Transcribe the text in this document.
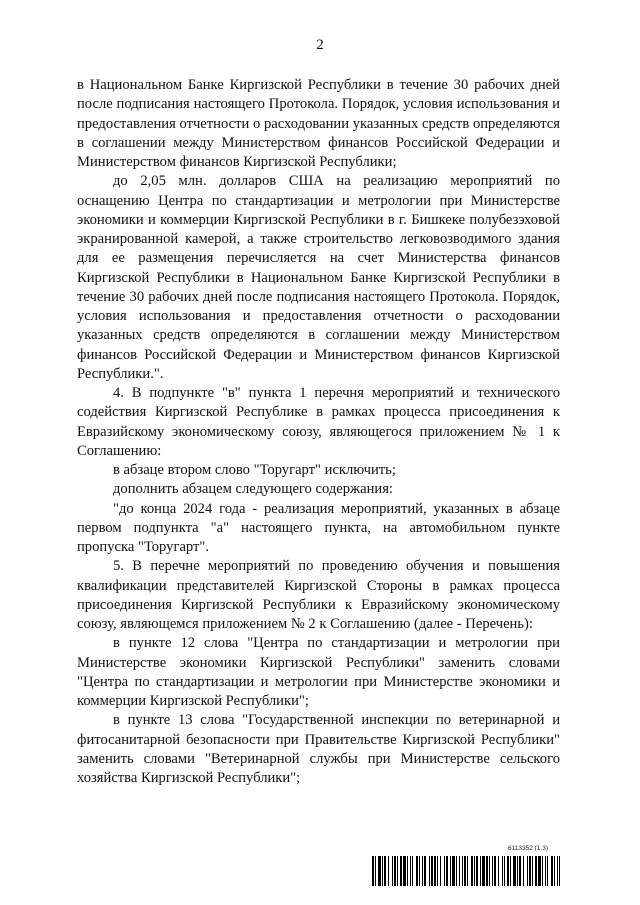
2

в Национальном Банке Киргизской Республики в течение 30 рабочих дней после подписания настоящего Протокола. Порядок, условия использования и предоставления отчетности о расходовании указанных средств определяются в соглашении между Министерством финансов Российской Федерации и Министерством финансов Киргизской Республики;

до 2,05 млн. долларов США на реализацию мероприятий по оснащению Центра по стандартизации и метрологии при Министерстве экономики и коммерции Киргизской Республики в г. Бишкеке полубезэховой экранированной камерой, а также строительство легковозводимого здания для ее размещения перечисляется на счет Министерства финансов Киргизской Республики в Национальном Банке Киргизской Республики в течение 30 рабочих дней после подписания настоящего Протокола. Порядок, условия использования и предоставления отчетности о расходовании указанных средств определяются в соглашении между Министерством финансов Российской Федерации и Министерством финансов Киргизской Республики.".

4. В подпункте "в" пункта 1 перечня мероприятий и технического содействия Киргизской Республике в рамках процесса присоединения к Евразийскому экономическому союзу, являющегося приложением № 1 к Соглашению:

в абзаце втором слово "Торугарт" исключить;

дополнить абзацем следующего содержания:

"до конца 2024 года - реализация мероприятий, указанных в абзаце первом подпункта "а" настоящего пункта, на автомобильном пункте пропуска "Торугарт".

5. В перечне мероприятий по проведению обучения и повышения квалификации представителей Киргизской Стороны в рамках процесса присоединения Киргизской Республики к Евразийскому экономическому союзу, являющемся приложением № 2 к Соглашению (далее - Перечень):

в пункте 12 слова "Центра по стандартизации и метрологии при Министерстве экономики Киргизской Республики" заменить словами "Центра по стандартизации и метрологии при Министерстве экономики и коммерции Киргизской Республики";

в пункте 13 слова "Государственной инспекции по ветеринарной и фитосанитарной безопасности при Правительстве Киргизской Республики" заменить словами "Ветеринарной службы при Министерстве сельского хозяйства Киргизской Республики";

6113352 (1.3)
